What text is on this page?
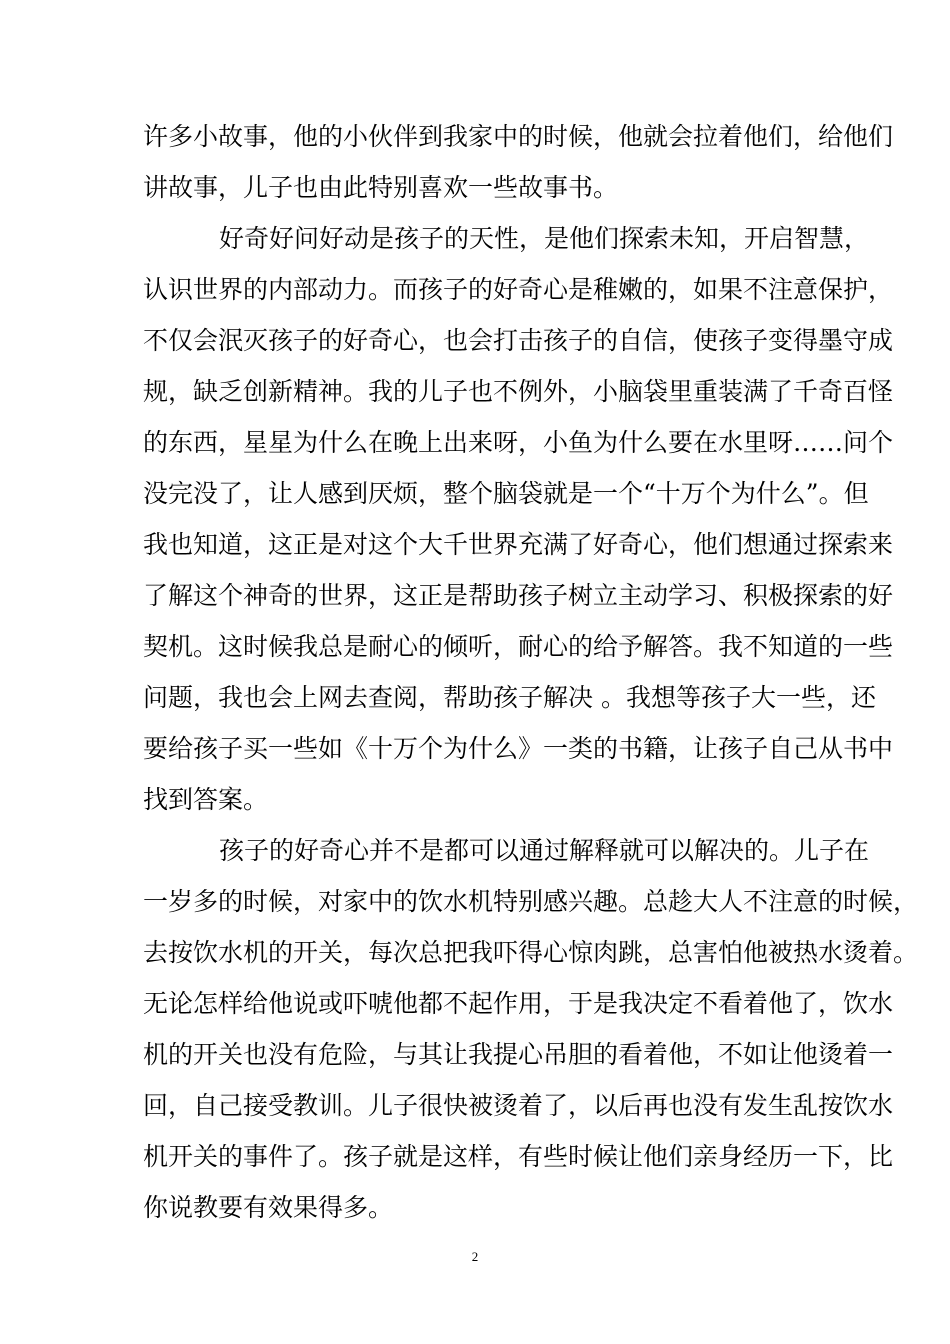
许多小故事，他的小伙伴到我家中的时候，他就会拉着他们，给他们
讲故事，儿子也由此特别喜欢一些故事书。
好奇好问好动是孩子的天性，是他们探索未知，开启智慧，
认识世界的内部动力。而孩子的好奇心是稚嫩的，如果不注意保护，
不仅会泯灭孩子的好奇心，也会打击孩子的自信，使孩子变得墨守成
规，缺乏创新精神。我的儿子也不例外，小脑袋里重装满了千奇百怪
的东西，星星为什么在晚上出来呀，小鱼为什么要在水里呀……问个
没完没了，让人感到厌烦，整个脑袋就是一个“十万个为什么”。但
我也知道，这正是对这个大千世界充满了好奇心，他们想通过探索来
了解这个神奇的世界，这正是帮助孩子树立主动学习、积极探索的好
契机。这时候我总是耐心的倾听，耐心的给予解答。我不知道的一些
问题，我也会上网去查阅，帮助孩子解决 。我想等孩子大一些，还
要给孩子买一些如《十万个为什么》一类的书籍，让孩子自己从书中
找到答案。
孩子的好奇心并不是都可以通过解释就可以解决的。儿子在
一岁多的时候，对家中的饮水机特别感兴趣。总趁大人不注意的时候，
去按饮水机的开关，每次总把我吓得心惊肉跳，总害怕他被热水烫着。
无论怎样给他说或吓唬他都不起作用，于是我决定不看着他了，饮水
机的开关也没有危险，与其让我提心吊胆的看着他，不如让他烫着一
回，自己接受教训。儿子很快被烫着了，以后再也没有发生乱按饮水
机开关的事件了。孩子就是这样，有些时候让他们亲身经历一下，比
你说教要有效果得多。
2
